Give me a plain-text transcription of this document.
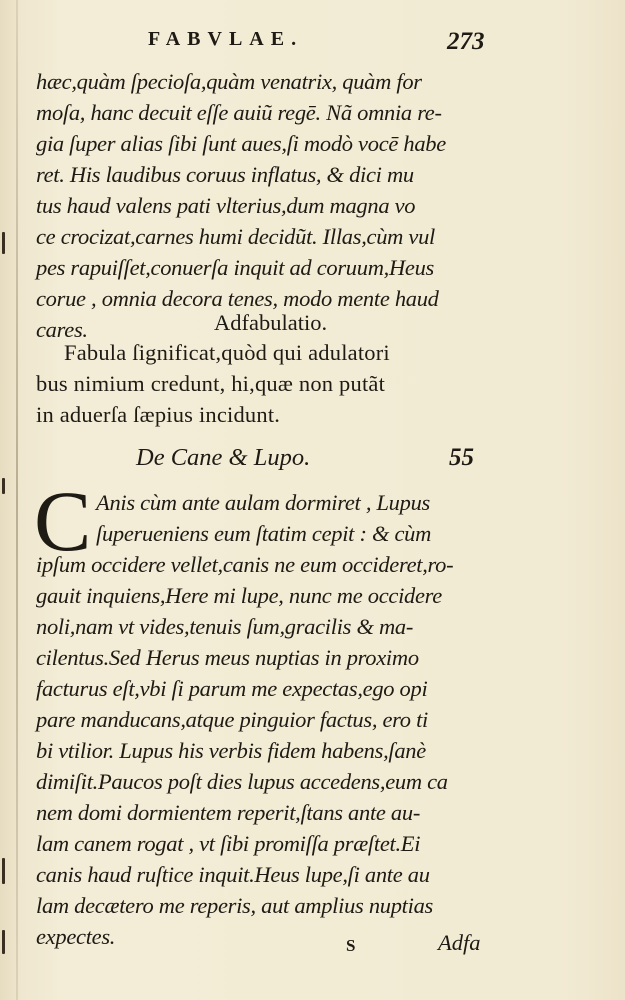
FABVLAE.	273
hæc,quàm ſpecioſa,quàm venatrix, quàm for
moſa, hanc decuit eſſe auiũ regē. Nã omnia re-
gia ſuper alias ſibi ſunt aues,ſi modò vocē habe
ret. His laudibus coruus inflatus, & dici mu
tus haud valens pati vlterius,dum magna vo
ce crocizat,carnes humi decidũt. Illas,cùm vul
pes rapuiſſet,conuerſa inquit ad coruum,Heus
corue , omnia decora tenes, modo mente haud
cares.	Adfabulatio.
Fabula ſignificat,quòd qui adulatori
bus nimium credunt, hi,quæ non putãt
in aduerſa ſæpius incidunt.
De Cane & Lupo.	55
C Anis cùm ante aulam dormiret , Lupus
ſuperueniens eum ſtatim cepit : & cùm
ipſum occidere vellet,canis ne eum occideret,ro-
gauit inquiens,Here mi lupe, nunc me occidere
noli,nam vt vides,tenuis ſum,gracilis & ma-
cilentus.Sed Herus meus nuptias in proximo
facturus eſt,vbi ſi parum me expectas,ego opi
pare manducans,atque pinguior factus, ero ti
bi vtilior. Lupus his verbis fidem habens,ſanè
dimiſit.Paucos poſt dies lupus accedens,eum ca
nem domi dormientem reperit,ſtans ante au-
lam canem rogat , vt ſibi promiſſa præſtet.Ei
canis haud ruſtice inquit.Heus lupe,ſi ante au
lam decætero me reperis, aut amplius nuptias
expectes.	S	Adfa
